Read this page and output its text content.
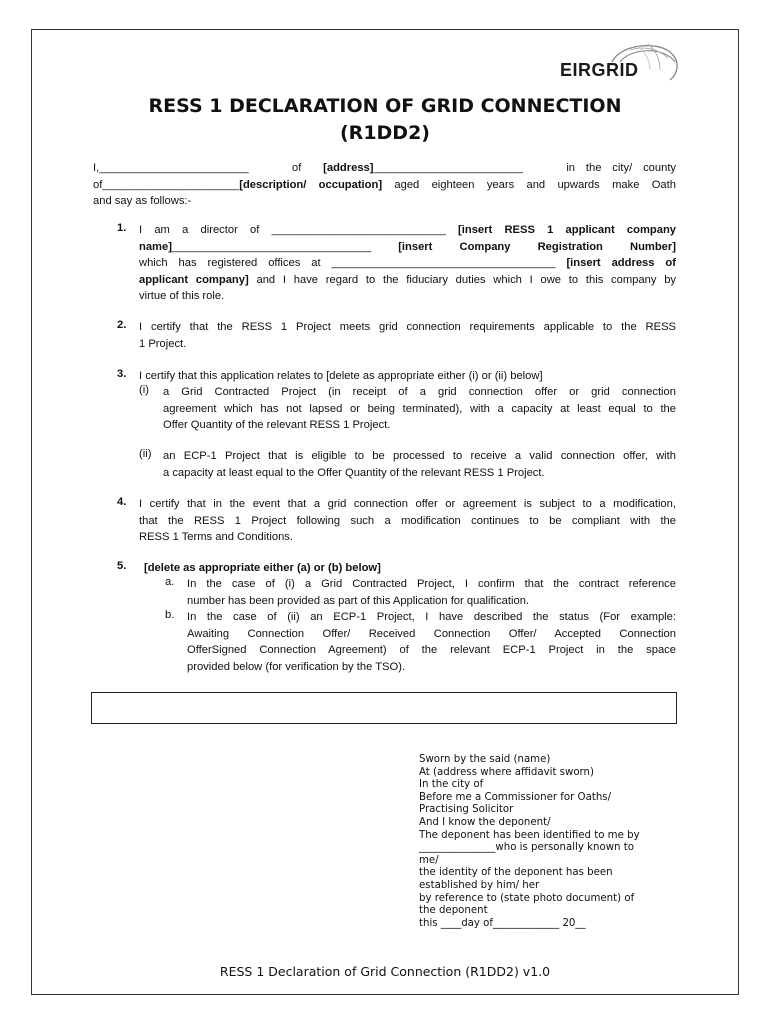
EIRGRID
RESS 1 DECLARATION OF GRID CONNECTION
(R1DD2)
I,________________________	of [address]________________________	in the city/ county
of______________________[description/ occupation] aged eighteen years and upwards make Oath
and say as follows:-
1. I am a director of ____________________________ [insert RESS 1 applicant company
name]________________________________ [insert Company Registration Number]
which has registered offices at ____________________________________ [insert address of
applicant company] and I have regard to the fiduciary duties which I owe to this company by
virtue of this role.
2. I certify that the RESS 1 Project meets grid connection requirements applicable to the RESS
1 Project.
3. I certify that this application relates to [delete as appropriate either (i) or (ii) below]
(i) a Grid Contracted Project (in receipt of a grid connection offer or grid connection
agreement which has not lapsed or being terminated), with a capacity at least equal to the
Offer Quantity of the relevant RESS 1 Project.
(ii) an ECP-1 Project that is eligible to be processed to receive a valid connection offer, with
a capacity at least equal to the Offer Quantity of the relevant RESS 1 Project.
4. I certify that in the event that a grid connection offer or agreement is subject to a modification,
that the RESS 1 Project following such a modification continues to be compliant with the
RESS 1 Terms and Conditions.
5. [delete as appropriate either (a) or (b) below]
a. In the case of (i) a Grid Contracted Project, I confirm that the contract reference
number has been provided as part of this Application for qualification.
b. In the case of (ii) an ECP-1 Project, I have described the status (For example:
Awaiting Connection Offer/ Received Connection Offer/ Accepted Connection
OfferSigned Connection Agreement) of the relevant ECP-1 Project in the space
provided below (for verification by the TSO).
Sworn by the said (name)
At (address where affidavit sworn)
In the city of
Before me a Commissioner for Oaths/
Practising Solicitor
And I know the deponent/
The deponent has been identified to me by
_______________who is personally known to
me/
the identity of the deponent has been
established by him/ her
by reference to (state photo document) of
the deponent
this ____day of_____________ 20__
RESS 1 Declaration of Grid Connection (R1DD2) v1.0
